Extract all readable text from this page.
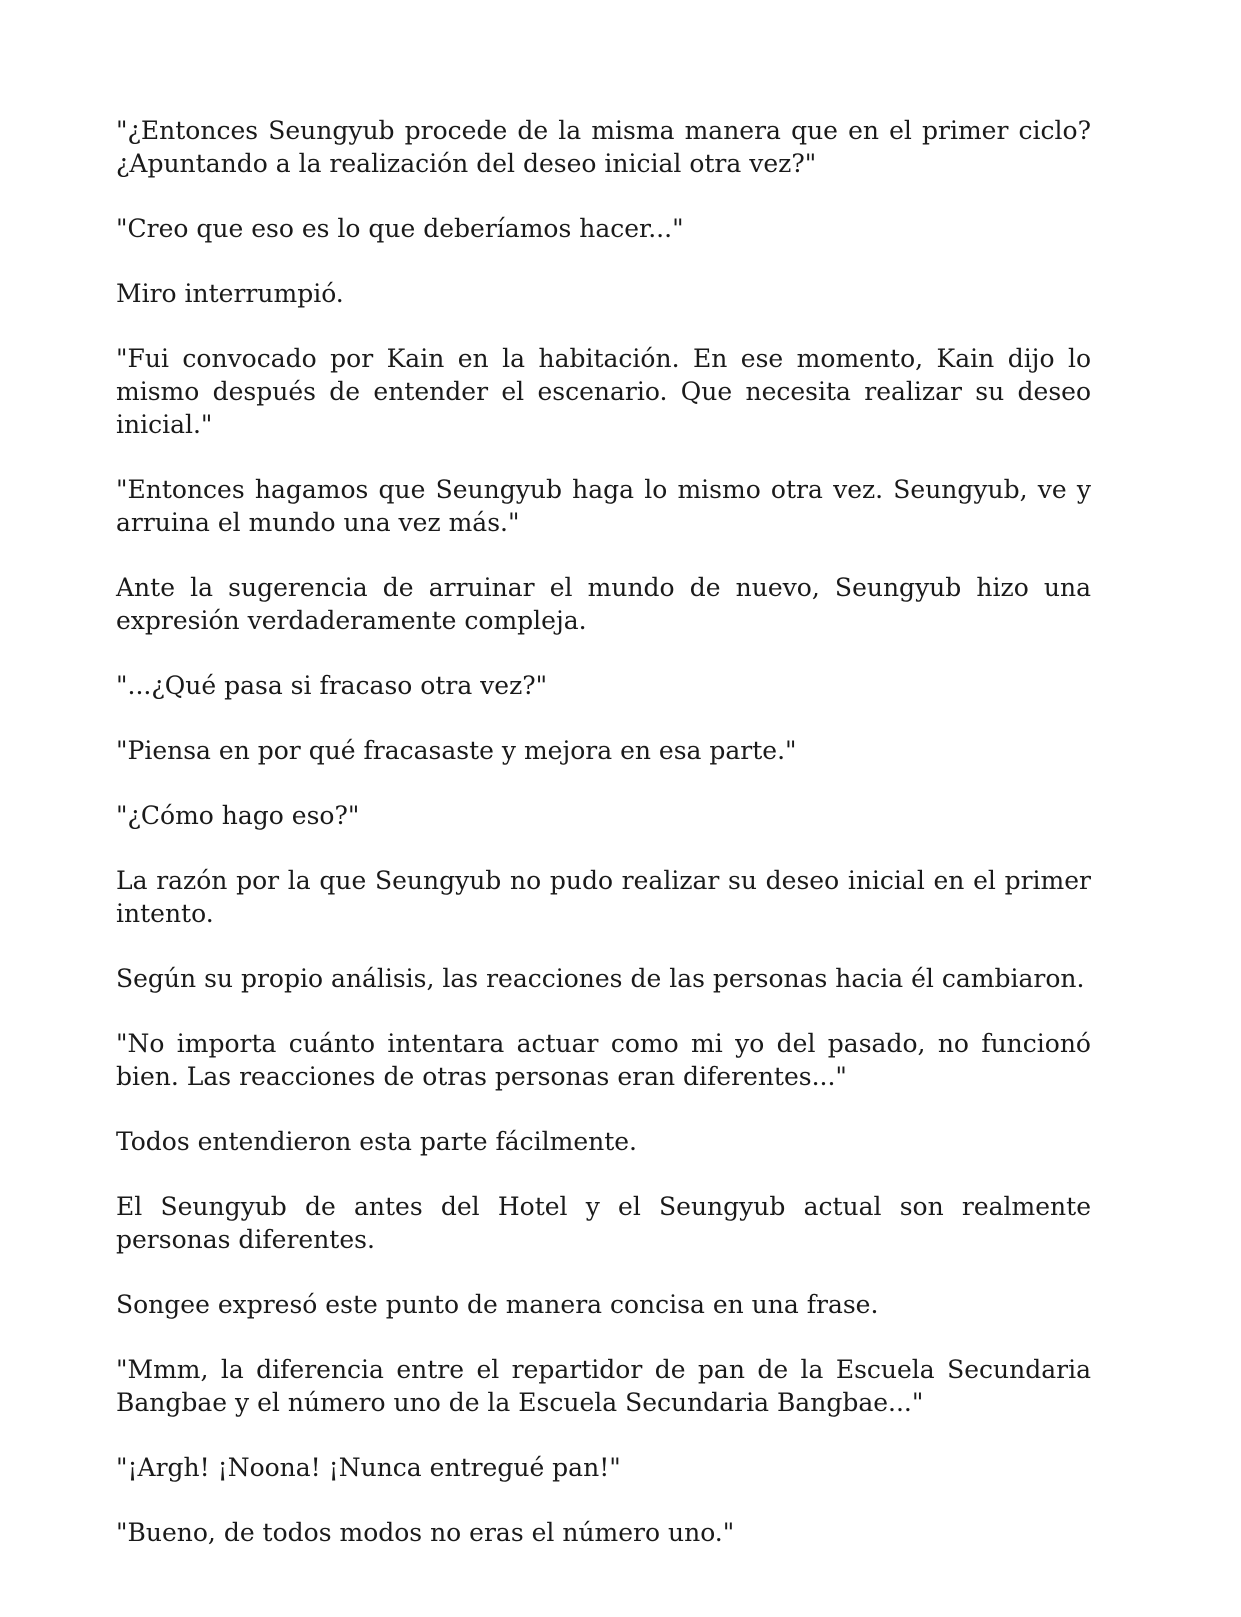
"¿Entonces Seungyub procede de la misma manera que en el primer ciclo? ¿Apuntando a la realización del deseo inicial otra vez?"

"Creo que eso es lo que deberíamos hacer..."

Miro interrumpió.

"Fui convocado por Kain en la habitación. En ese momento, Kain dijo lo mismo después de entender el escenario. Que necesita realizar su deseo inicial."

"Entonces hagamos que Seungyub haga lo mismo otra vez. Seungyub, ve y arruina el mundo una vez más."

Ante la sugerencia de arruinar el mundo de nuevo, Seungyub hizo una expresión verdaderamente compleja.

"...¿Qué pasa si fracaso otra vez?"

"Piensa en por qué fracasaste y mejora en esa parte."

"¿Cómo hago eso?"

La razón por la que Seungyub no pudo realizar su deseo inicial en el primer intento.

Según su propio análisis, las reacciones de las personas hacia él cambiaron.

"No importa cuánto intentara actuar como mi yo del pasado, no funcionó bien. Las reacciones de otras personas eran diferentes..."

Todos entendieron esta parte fácilmente.

El Seungyub de antes del Hotel y el Seungyub actual son realmente personas diferentes.

Songee expresó este punto de manera concisa en una frase.

"Mmm, la diferencia entre el repartidor de pan de la Escuela Secundaria Bangbae y el número uno de la Escuela Secundaria Bangbae..."

"¡Argh! ¡Noona! ¡Nunca entregué pan!"

"Bueno, de todos modos no eras el número uno."
